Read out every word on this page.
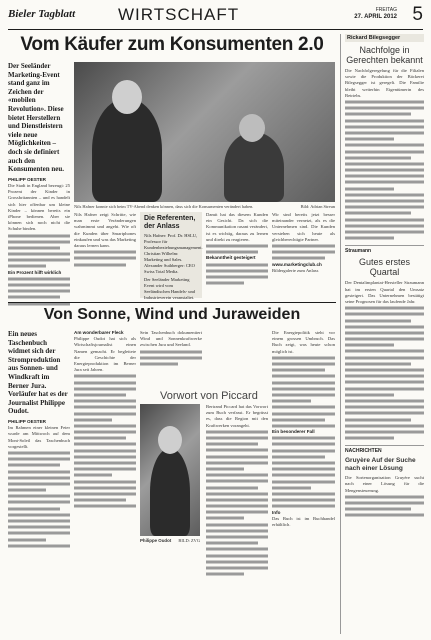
Bieler Tagblatt	WIRTSCHAFT	FREITAG
27. APRIL 2012 5
Vom Käufer zum Konsumenten 2.0
Der Seeländer Marketing-Event stand ganz im Zeichen der «mobilen Revolution». Diese bietet Herstellern und Dienstleistern viele neue Möglichkeiten – doch sie definiert auch den Konsumenten neu.
PHILIPP OESTER
Die Stadt in England bezeugt: 25 Prozent der Kinder in Grossbritannien – und es handelt sich hier offenbar um kleine Kinder – können bereits ein iPhone bedienen. Aber sie können sich noch nicht die Schuhe binden.
Ein Prozent hilft wirklich
Nils Hafner konnte sich beim TV-Abend denken können, dass sich die Konsumenten verändert haben.	Bild: Adrian Streun
Nils Hafner zeigt Schritte, wie man erste Veränderungen wahrnimmt und angeht. Wie oft die Kunden über Smartphones einkaufen und was das Marketing daraus lernen kann.
Die Referenten, der Anlass

Nils Hafner: Prof. Dr. HSLU, Professor für Kundenbeziehungsmanagement. Christian Wilhelm: Marketing und Sales. Alexander Suthberger: CEO Swiss Total Media.

Der Seeländer Marketing Event wird vom Seeländischen Handels- und Industrieverein veranstaltet.

Damit hat das diesem Kunden ein Gesicht. Da sich die Kommunikation rasant verändert, ist es wichtig, daraus zu lernen und direkt zu reagieren.
Bekanntheit gesteigert
Wir sind bereits jetzt besser miteinander vernetzt, als es die Unternehmen sind. Die Kunden verstehen sich heute als gleichberechtigte Partner.
www.marketingclub.ch
Bildergalerie zum Anlass
Von Sonne, Wind und Juraweiden
Ein neues Taschenbuch widmet sich der Stromproduktion aus Sonnen- und Windkraft im Berner Jura. Vorläufer hat es der Journalist Philippe Oudot.
PHILIPP OESTER
Im Rahmen einer kleinen Feier wurde am Mittwoch auf dem Mont-Soleil das Taschenbuch vorgestellt.
Am wonderbarer Fleck
Philippe Oudot hat sich als Wirtschaftsjournalist einen Namen gemacht. Er begleitete die Geschichte der Energieproduktion im Berner Jura seit Jahren.
Sein Taschenbuch dokumentiert Wind und Sonnenkraftwerke zwischen Jura und Seeland.
Vorwort von Piccard
Philippe Oudot BILD: ZVG
Bertrand Piccard hat das Vorwort zum Buch verfasst. Er begrüsst es, dass die Region mit den Kraftwerken vorangeht.
Die Energiepolitik steht vor einem grossen Umbruch. Das Buch zeigt, was heute schon möglich ist.
Ein besonderer Fall
Info
Das Buch ist im Buchhandel erhältlich.
Rickard Bilegsegger
Nachfolge in Gerechten bekannt
Die Nachfolgeregelung für die Filialen sowie die Produktion der Bäckerei Bilegsegger ist geregelt. Die Familie bleibt weiterhin Eigentümerin des Betriebs.
Straumann
Gutes erstes Quartal
Der Dentalimplantat-Hersteller Straumann hat im ersten Quartal den Umsatz gesteigert. Das Unternehmen bestätigt seine Prognosen für das laufende Jahr.
NACHRICHTEN
Gruyère Auf der Suche nach einer Lösung
Die Sortenorganisation Gruyère sucht nach einer Lösung für die Mengensteuerung.
